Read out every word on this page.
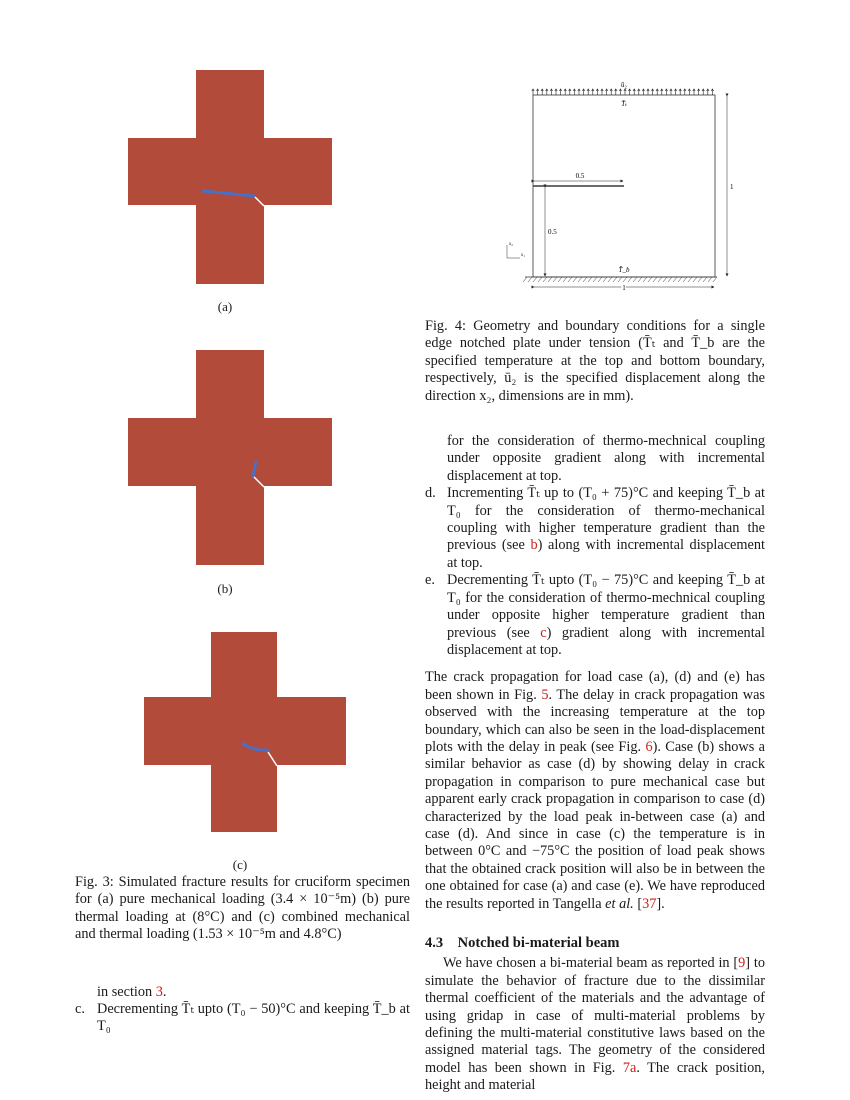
(a)
(b)
(c)

Fig. 3: Simulated fracture results for cruciform specimen for (a) pure mechanical loading (3.4 × 10⁻⁵m) (b) pure thermal loading at (8°C) and (c) combined mechanical and thermal loading (1.53 × 10⁻⁵m and 4.8°C)

in section 3.

c. Decrementing T̄ₜ upto (T₀ − 50)°C and keeping T̄_b at T₀
ū₂
T̄ₜ
T̄_b
0.5
0.5
1
1
x₁
x₂

Fig. 4: Geometry and boundary conditions for a single edge notched plate under tension (T̄ₜ and T̄_b are the specified temperature at the top and bottom boundary, respectively, ū₂ is the specified displacement along the direction x₂, dimensions are in mm).

for the consideration of thermo-mechnical coupling under opposite gradient along with incremental displacement at top.

d. Incrementing T̄ₜ up to (T₀ + 75)°C and keeping T̄_b at T₀ for the consideration of thermo-mechanical coupling with higher temperature gradient than the previous (see b) along with incremental displacement at top.
e. Decrementing T̄ₜ upto (T₀ − 75)°C and keeping T̄_b at T₀ for the consideration of thermo-mechnical coupling under opposite higher temperature gradient than previous (see c) gradient along with incremental displacement at top.

The crack propagation for load case (a), (d) and (e) has been shown in Fig. 5. The delay in crack propagation was observed with the increasing temperature at the top boundary, which can also be seen in the load-displacement plots with the delay in peak (see Fig. 6). Case (b) shows a similar behavior as case (d) by showing delay in crack propagation in comparison to pure mechanical case but apparent early crack propagation in comparison to case (d) characterized by the load peak in-between case (a) and case (d). And since in case (c) the temperature is in between 0°C and −75°C the position of load peak shows that the obtained crack position will also be in between the one obtained for case (a) and case (e). We have reproduced the results reported in Tangella et al. [37].

4.3 Notched bi-material beam

We have chosen a bi-material beam as reported in [9] to simulate the behavior of fracture due to the dissimilar thermal coefficient of the materials and the advantage of using gridap in case of multi-material problems by defining the multi-material constitutive laws based on the assigned material tags. The geometry of the considered model has been shown in Fig. 7a. The crack position, height and material
